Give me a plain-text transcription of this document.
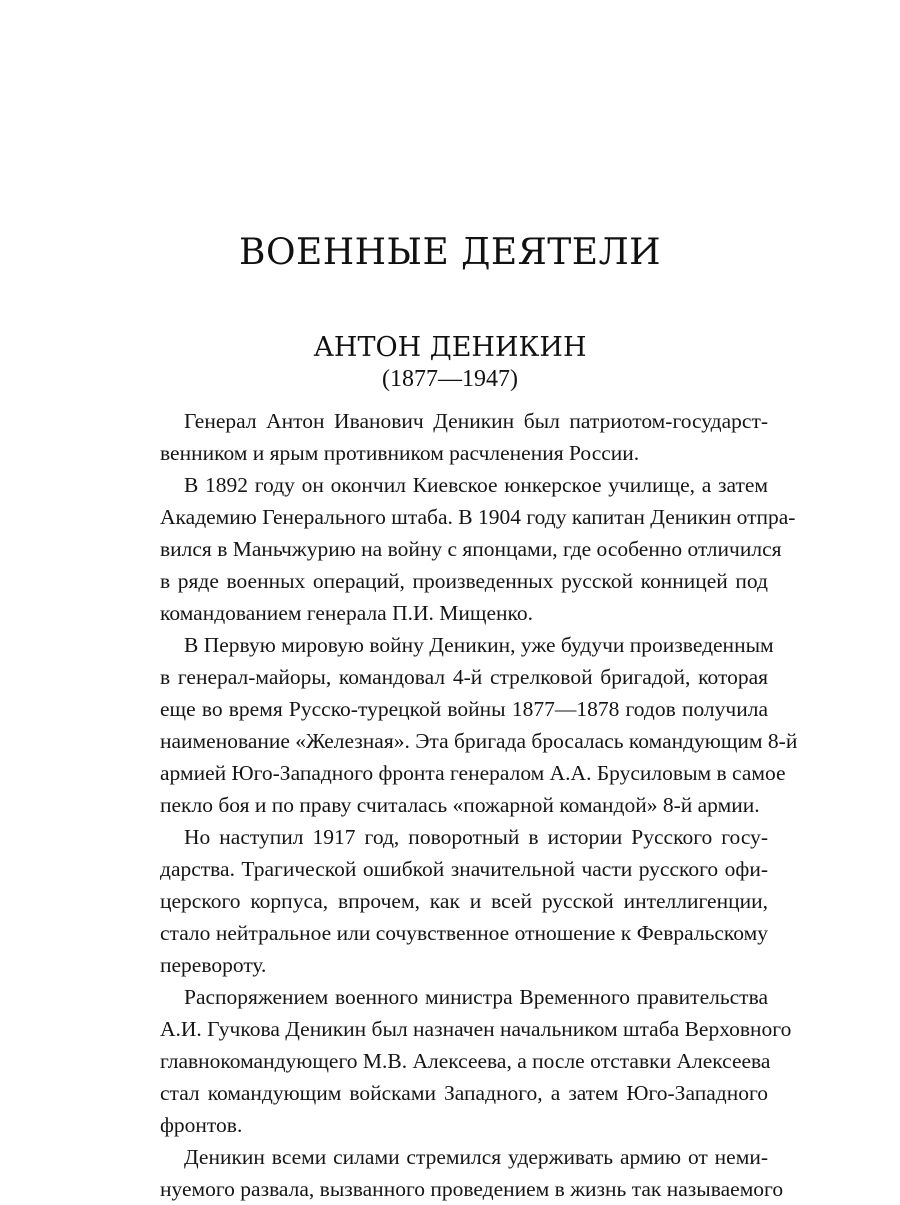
ВОЕННЫЕ ДЕЯТЕЛИ
АНТОН ДЕНИКИН
(1877—1947)
Генерал Антон Иванович Деникин был патриотом-государст-
венником и ярым противником расчленения России.
В 1892 году он окончил Киевское юнкерское училище, а затем
Академию Генерального штаба. В 1904 году капитан Деникин отпра-
вился в Маньчжурию на войну с японцами, где особенно отличился
в ряде военных операций, произведенных русской конницей под
командованием генерала П.И. Мищенко.
В Первую мировую войну Деникин, уже будучи произведенным
в генерал-майоры, командовал 4-й стрелковой бригадой, которая
еще во время Русско-турецкой войны 1877—1878 годов получила
наименование «Железная». Эта бригада бросалась командующим 8-й
армией Юго-Западного фронта генералом А.А. Брусиловым в самое
пекло боя и по праву считалась «пожарной командой» 8-й армии.
Но наступил 1917 год, поворотный в истории Русского госу-
дарства. Трагической ошибкой значительной части русского офи-
церского корпуса, впрочем, как и всей русской интеллигенции,
стало нейтральное или сочувственное отношение к Февральскому
перевороту.
Распоряжением военного министра Временного правительства
А.И. Гучкова Деникин был назначен начальником штаба Верховного
главнокомандующего М.В. Алексеева, а после отставки Алексеева
стал командующим войсками Западного, а затем Юго-Западного
фронтов.
Деникин всеми силами стремился удерживать армию от неми-
нуемого развала, вызванного проведением в жизнь так называемого
